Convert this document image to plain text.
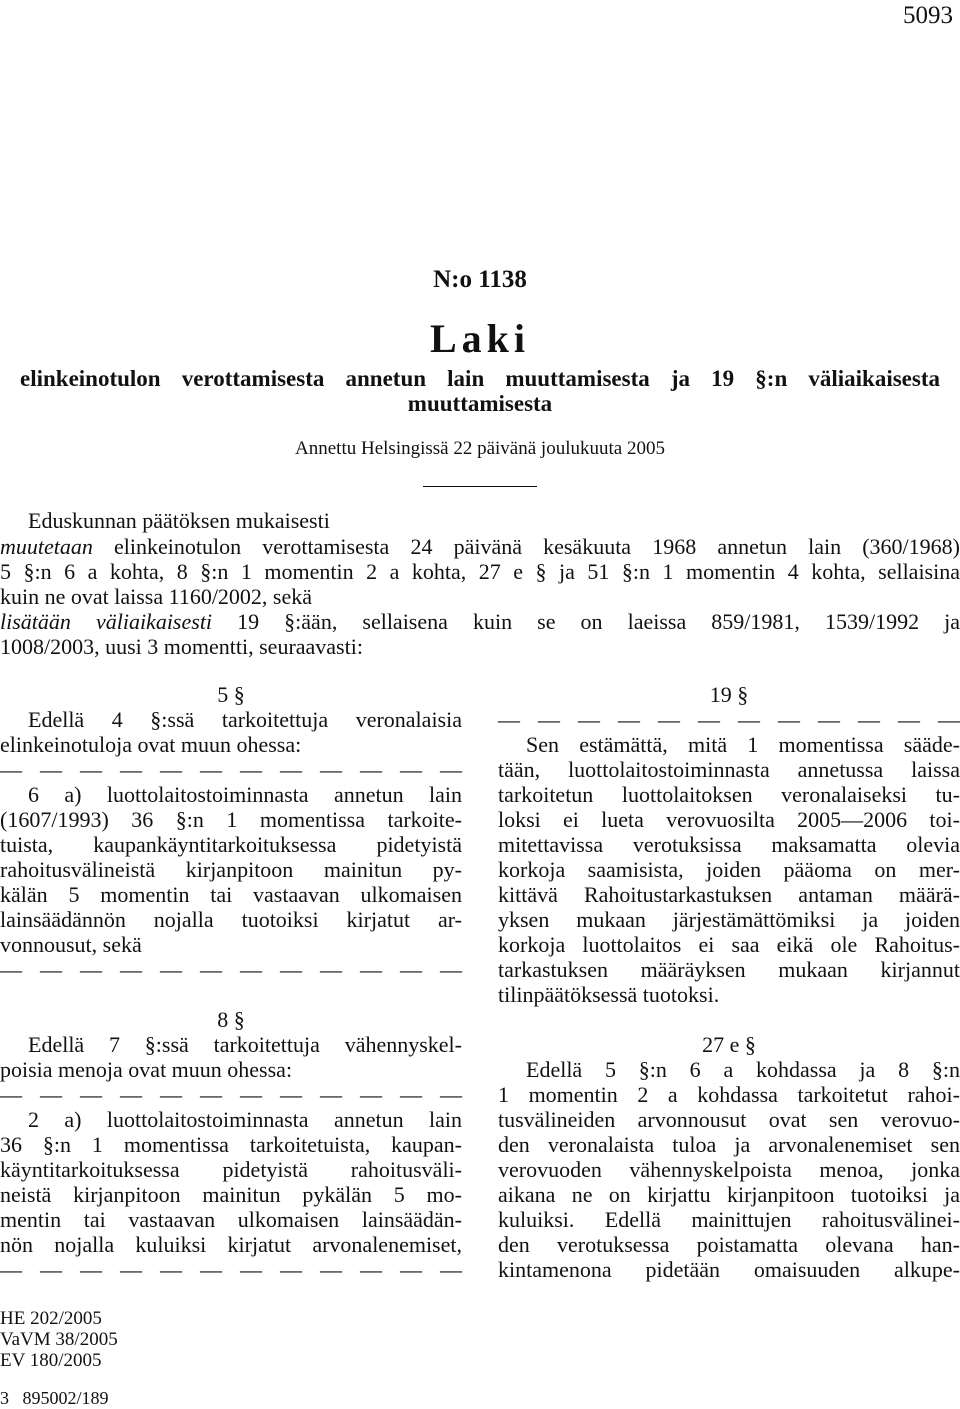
5093
N:o 1138
Laki
elinkeinotulon verottamisesta annetun lain muuttamisesta ja 19 §:n väliaikaisesta
muuttamisesta
Annettu Helsingissä 22 päivänä joulukuuta 2005
Eduskunnan päätöksen mukaisesti
muutetaan elinkeinotulon verottamisesta 24 päivänä kesäkuuta 1968 annetun lain (360/1968)
5 §:n 6 a kohta, 8 §:n 1 momentin 2 a kohta, 27 e § ja 51 §:n 1 momentin 4 kohta, sellaisina
kuin ne ovat laissa 1160/2002, sekä
lisätään väliaikaisesti 19 §:ään, sellaisena kuin se on laeissa 859/1981, 1539/1992 ja
1008/2003, uusi 3 momentti, seuraavasti:
5 §
Edellä 4 §:ssä tarkoitettuja veronalaisia
elinkeinotuloja ovat muun ohessa:
— — — — — — — — — — — —
6 a) luottolaitostoiminnasta annetun lain
(1607/1993) 36 §:n 1 momentissa tarkoite-
tuista, kaupankäyntitarkoituksessa pidetyistä
rahoitusvälineistä kirjanpitoon mainitun py-
kälän 5 momentin tai vastaavan ulkomaisen
lainsäädännön nojalla tuotoiksi kirjatut ar-
vonnousut, sekä
— — — — — — — — — — — —
8 §
Edellä 7 §:ssä tarkoitettuja vähennyskel-
poisia menoja ovat muun ohessa:
— — — — — — — — — — — —
2 a) luottolaitostoiminnasta annetun lain
36 §:n 1 momentissa tarkoitetuista, kaupan-
käyntitarkoituksessa pidetyistä rahoitusväli-
neistä kirjanpitoon mainitun pykälän 5 mo-
mentin tai vastaavan ulkomaisen lainsäädän-
nön nojalla kuluiksi kirjatut arvonalenemiset,
— — — — — — — — — — — —
19 §
— — — — — — — — — — — —
Sen estämättä, mitä 1 momentissa sääde-
tään, luottolaitostoiminnasta annetussa laissa
tarkoitetun luottolaitoksen veronalaiseksi tu-
loksi ei lueta verovuosilta 2005—2006 toi-
mitettavissa verotuksissa maksamatta olevia
korkoja saamisista, joiden pääoma on mer-
kittävä Rahoitustarkastuksen antaman määrä-
yksen mukaan järjestämättömiksi ja joiden
korkoja luottolaitos ei saa eikä ole Rahoitus-
tarkastuksen määräyksen mukaan kirjannut
tilinpäätöksessä tuotoksi.
27 e §
Edellä 5 §:n 6 a kohdassa ja 8 §:n
1 momentin 2 a kohdassa tarkoitetut rahoi-
tusvälineiden arvonnousut ovat sen verovuo-
den veronalaista tuloa ja arvonalenemiset sen
verovuoden vähennyskelpoista menoa, jonka
aikana ne on kirjattu kirjanpitoon tuotoiksi ja
kuluiksi. Edellä mainittujen rahoitusvälinei-
den verotuksessa poistamatta olevana han-
kintamenona pidetään omaisuuden alkupe-
HE 202/2005
VaVM 38/2005
EV 180/2005
3   895002/189
